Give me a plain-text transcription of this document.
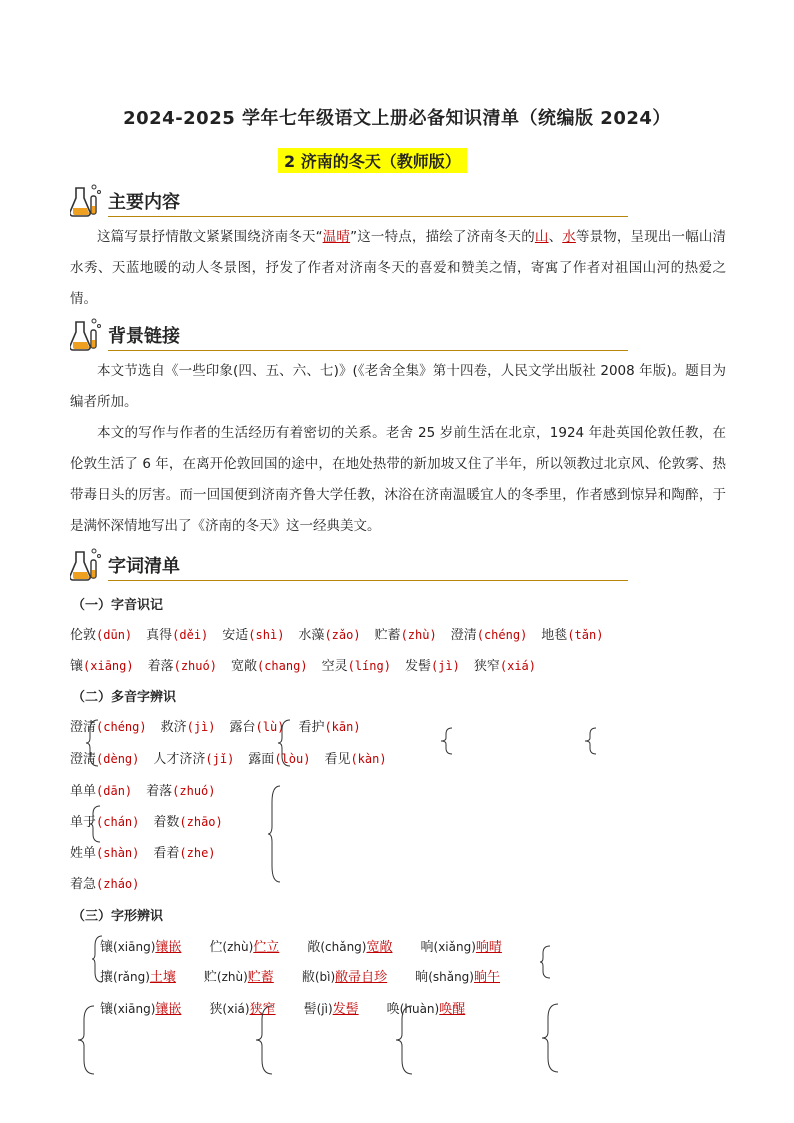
2024-2025 学年七年级语文上册必备知识清单（统编版 2024）
2 济南的冬天（教师版）
主要内容
这篇写景抒情散文紧紧围绕济南冬天“温晴”这一特点，描绘了济南冬天的山、水等景物，呈现出一幅山清水秀、天蓝地暖的动人冬景图，抒发了作者对济南冬天的喜爱和赞美之情，寄寓了作者对祖国山河的热爱之情。
背景链接
本文节选自《一些印象(四、五、六、七)》(《老舍全集》第十四卷，人民文学出版社 2008 年版)。题目为编者所加。
本文的写作与作者的生活经历有着密切的关系。老舍 25 岁前生活在北京，1924 年赴英国伦敦任教，在伦敦生活了 6 年，在离开伦敦回国的途中，在地处热带的新加坡又住了半年，所以领教过北京风、伦敦雾、热带毒日头的厉害。而一回国便到济南齐鲁大学任教，沐浴在济南温暖宜人的冬季里，作者感到惊异和陶醉，于是满怀深情地写出了《济南的冬天》这一经典美文。
字词清单
（一）字音识记
伦敦(dūn) 真得(děi) 安适(shì) 水藻(zǎo) 贮蓄(zhù) 澄清(chéng) 地毯(tǎn)
镶(xiāng) 着落(zhuó) 宽敞(chang) 空灵(líng) 发髻(jì) 狭窄(xiá)
（二）多音字辨识
澄清(chéng) 救济(jì) 露台(lù) 看护(kān)
澄清(dèng) 人才济济(jǐ) 露面(lòu) 看见(kàn)
单单(dān) 着落(zhuó)
单于(chán) 着数(zhāo)
姓单(shàn) 看着(zhe)
着急(zháo)
（三）字形辨识
镶(xiāng)镶嵌 伫(zhù)伫立 敞(chǎng)宽敞 响(xiǎng)响晴
攘(rǎng)土壤 贮(zhù)贮蓄 敝(bì)敝帚自珍 晌(shǎng)晌午
镶(xiāng)镶嵌 狭(xiá)狭窄 髻(jì)发髻 唤(huàn)唤醒
